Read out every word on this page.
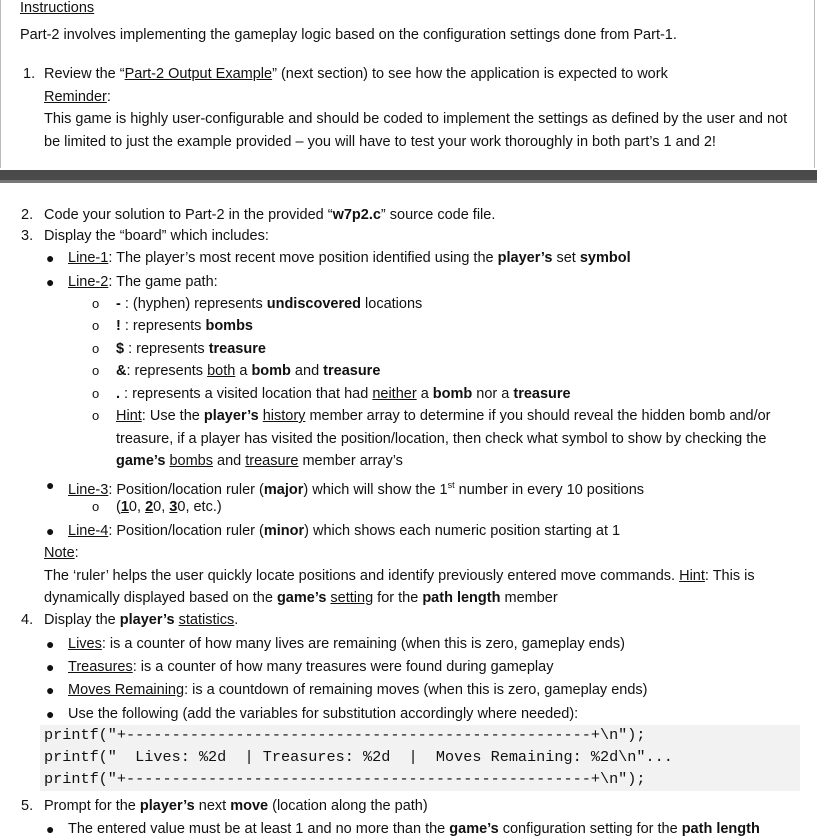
Instructions
Part-2 involves implementing the gameplay logic based on the configuration settings done from Part-1.
1. Review the “Part-2 Output Example” (next section) to see how the application is expected to work
Reminder:
This game is highly user-configurable and should be coded to implement the settings as defined by the user and not
be limited to just the example provided – you will have to test your work thoroughly in both part’s 1 and 2!
2. Code your solution to Part-2 in the provided “w7p2.c” source code file.
3. Display the “board” which includes:
● Line-1: The player’s most recent move position identified using the player’s set symbol
● Line-2: The game path:
o - : (hyphen) represents undiscovered locations
o ! : represents bombs
o $ : represents treasure
o &: represents both a bomb and treasure
o . : represents a visited location that had neither a bomb nor a treasure
o Hint: Use the player’s history member array to determine if you should reveal the hidden bomb and/or
treasure, if a player has visited the position/location, then check what symbol to show by checking the
game’s bombs and treasure member array’s
● Line-3: Position/location ruler (major) which will show the 1st number in every 10 positions
o (10, 20, 30, etc.)
● Line-4: Position/location ruler (minor) which shows each numeric position starting at 1
Note:
The ‘ruler’ helps the user quickly locate positions and identify previously entered move commands. Hint: This is
dynamically displayed based on the game’s setting for the path length member
4. Display the player’s statistics.
● Lives: is a counter of how many lives are remaining (when this is zero, gameplay ends)
● Treasures: is a counter of how many treasures were found during gameplay
● Moves Remaining: is a countdown of remaining moves (when this is zero, gameplay ends)
● Use the following (add the variables for substitution accordingly where needed):
printf("+---------------------------------------------------+\n");
printf("  Lives: %2d  | Treasures: %2d  |  Moves Remaining: %2d\n"...
printf("+---------------------------------------------------+\n");
5. Prompt for the player’s next move (location along the path)
● The entered value must be at least 1 and no more than the game’s configuration setting for the path length
